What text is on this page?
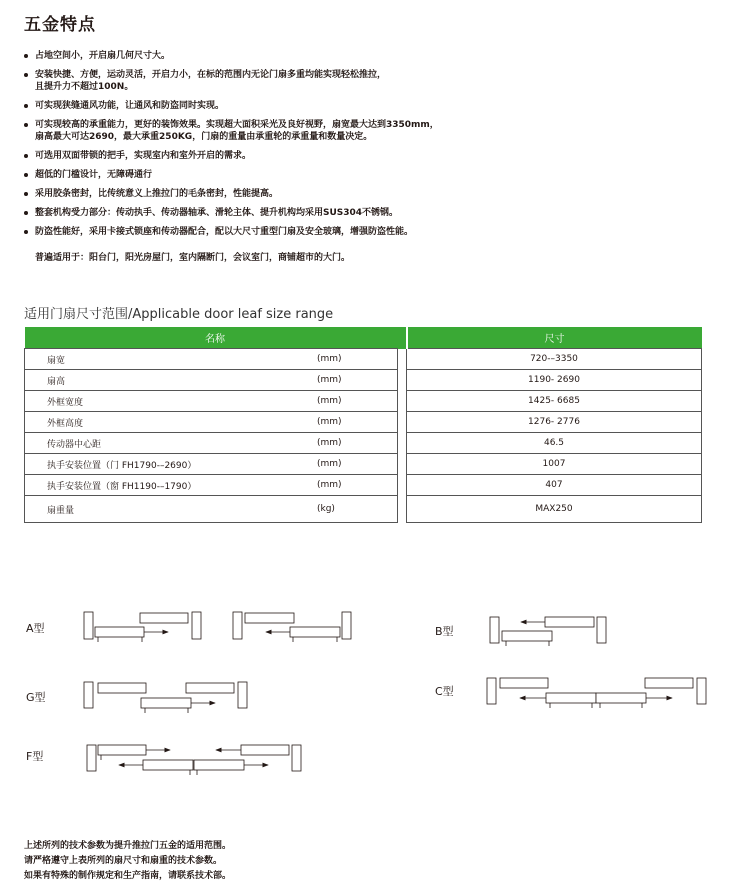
五金特点
占地空间小，开启扇几何尺寸大。
安装快捷、方便，运动灵活，开启力小，在标的范围内无论门扇多重均能实现轻松推拉，
且提升力不超过100N。
可实现狭缝通风功能，让通风和防盗同时实现。
可实现较高的承重能力，更好的装饰效果。实现超大面积采光及良好视野，扇宽最大达到3350mm，
扇高最大可达2690，最大承重250KG，门扇的重量由承重轮的承重量和数量决定。
可选用双面带锁的把手，实现室内和室外开启的需求。
超低的门槛设计，无障碍通行
采用胶条密封，比传统意义上推拉门的毛条密封，性能提高。
整套机构受力部分：传动执手、传动器轴承、滑轮主体、提升机构均采用SUS304不锈钢。
防盗性能好，采用卡接式锁座和传动器配合，配以大尺寸重型门扇及安全玻璃，增强防盗性能。
普遍适用于：阳台门，阳光房屋门，室内隔断门，会议室门，商铺超市的大门。
适用门扇尺寸范围/Applicable door leaf size range
名称			尺寸
扇宽	(mm)		720-–3350
扇高	(mm)		1190- 2690
外框宽度	(mm)		1425- 6685
外框高度	(mm)		1276- 2776
传动器中心距	(mm)		46.5
执手安装位置（门 FH1790-–2690）	(mm)		1007
执手安装位置（窗 FH1190-–1790）	(mm)		407
扇重量	(kg)		MAX250
A型	B型
G型	C型
F型
上述所列的技术参数为提升推拉门五金的适用范围。
请严格遵守上表所列的扇尺寸和扇重的技术参数。
如果有特殊的制作规定和生产指南，请联系技术部。
